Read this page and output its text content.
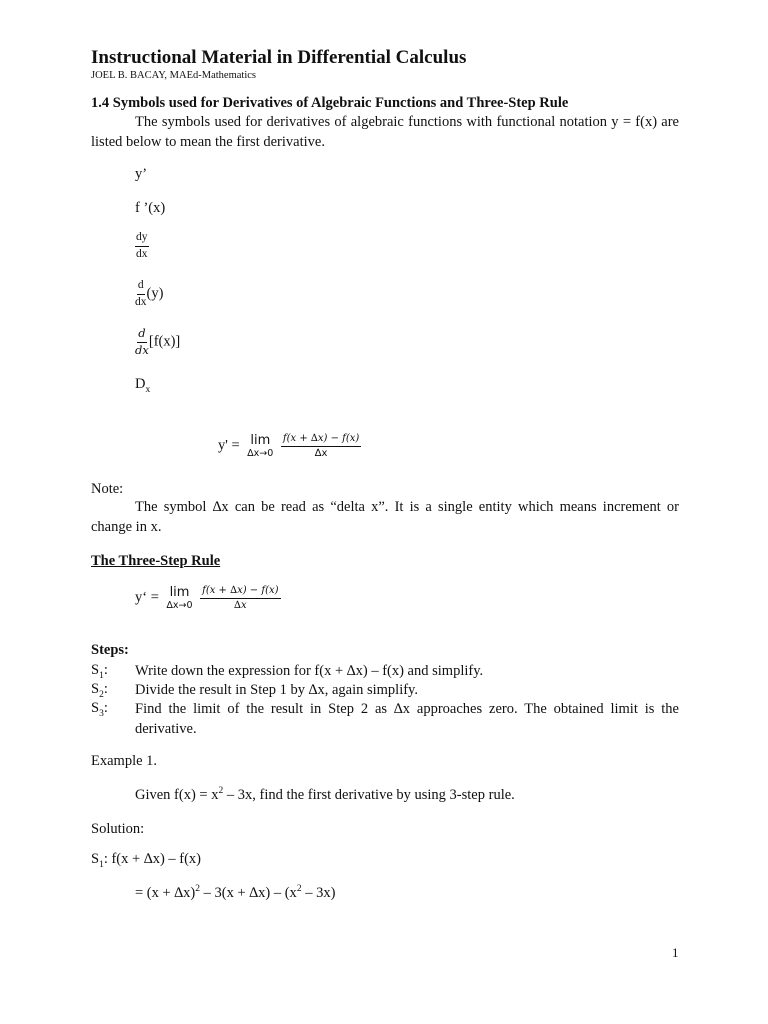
Instructional Material in Differential Calculus
JOEL B. BACAY, MAEd-Mathematics
1.4 Symbols used for Derivatives of Algebraic Functions and Three-Step Rule
The symbols used for derivatives of algebraic functions with functional notation y = f(x) are listed below to mean the first derivative.
y’
f ’(x)
$\frac{dy}{dx}$
$\frac{d}{dx} (y)$
$\frac{d}{dx} [f(x)]$
$D_x$
y' = lim
∆x→0
$\frac{f(x + \Delta x) - f(x)}{\Delta x}$
Note:
The symbol ∆x can be read as “delta x”. It is a single entity which means increment or change in x.
The Three-Step Rule
y‘ = lim
∆x→0
$\frac{f(x + \Delta x) - f(x)}{\Delta x}$
Steps:
$S_1$: Write down the expression for f(x + ∆x) – f(x) and simplify.
$S_2$: Divide the result in Step 1 by ∆x, again simplify.
$S_3$: Find the limit of the result in Step 2 as ∆x approaches zero. The obtained limit is the derivative.
Example 1.
Given $f(x) = x^2 - 3x$, find the first derivative by using 3-step rule.
Solution:
$S_1$: f(x + ∆x) – f(x)
= $(x + \Delta x)^2 - 3(x + \Delta x) - (x^2 - 3x)$
1
